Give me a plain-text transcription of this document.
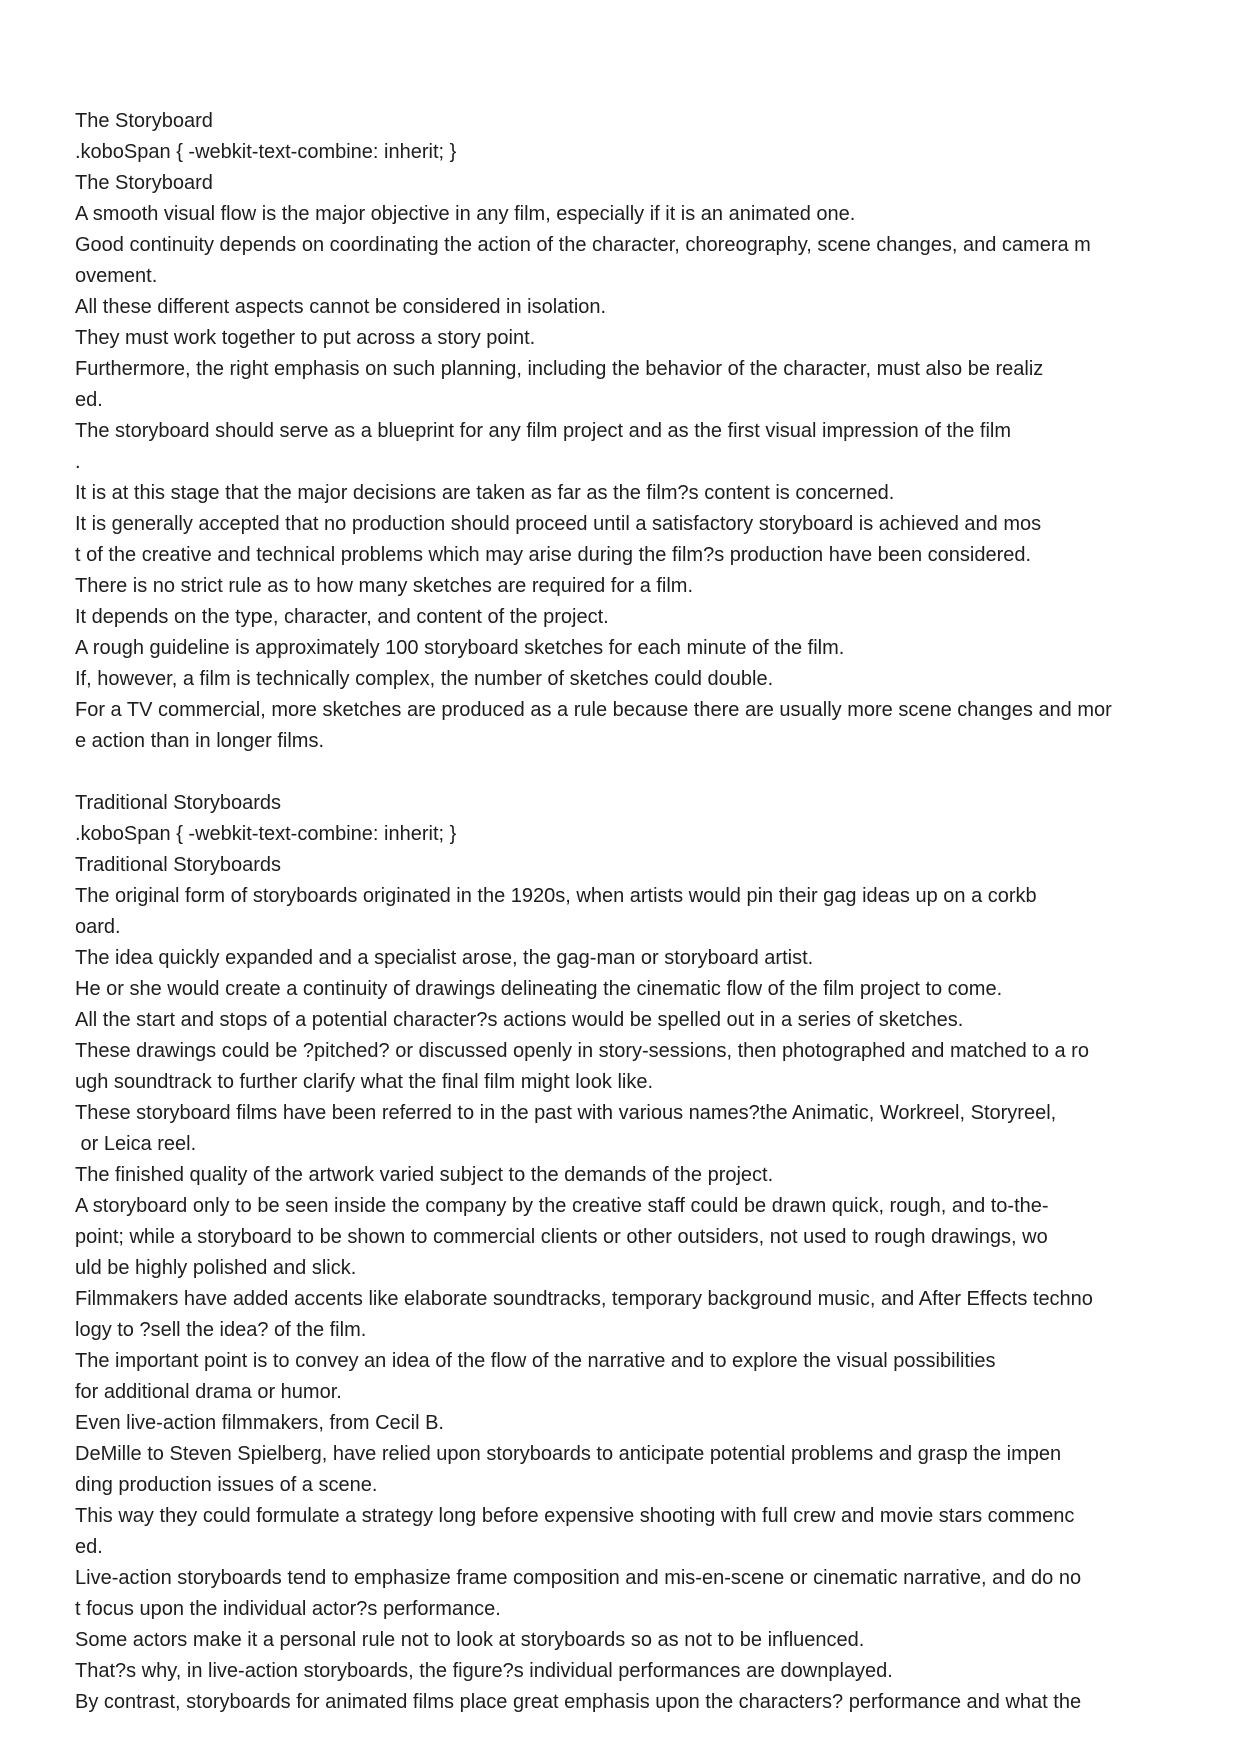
The Storyboard
.koboSpan { -webkit-text-combine: inherit; }
The Storyboard
A smooth visual flow is the major objective in any film, especially if it is an animated one.
Good continuity depends on coordinating the action of the character, choreography, scene changes, and camera m
ovement.
All these different aspects cannot be considered in isolation.
They must work together to put across a story point.
Furthermore, the right emphasis on such planning, including the behavior of the character, must also be realiz
ed.
The storyboard should serve as a blueprint for any film project and as the first visual impression of the film
.
It is at this stage that the major decisions are taken as far as the film?s content is concerned.
It is generally accepted that no production should proceed until a satisfactory storyboard is achieved and mos
t of the creative and technical problems which may arise during the film?s production have been considered.
There is no strict rule as to how many sketches are required for a film.
It depends on the type, character, and content of the project.
A rough guideline is approximately 100 storyboard sketches for each minute of the film.
If, however, a film is technically complex, the number of sketches could double.
For a TV commercial, more sketches are produced as a rule because there are usually more scene changes and mor
e action than in longer films.
Traditional Storyboards
.koboSpan { -webkit-text-combine: inherit; }
Traditional Storyboards
The original form of storyboards originated in the 1920s, when artists would pin their gag ideas up on a corkb
oard.
The idea quickly expanded and a specialist arose, the gag-man or storyboard artist.
He or she would create a continuity of drawings delineating the cinematic flow of the film project to come.
All the start and stops of a potential character?s actions would be spelled out in a series of sketches.
These drawings could be ?pitched? or discussed openly in story-sessions, then photographed and matched to a ro
ugh soundtrack to further clarify what the final film might look like.
These storyboard films have been referred to in the past with various names?the Animatic, Workreel, Storyreel,
or Leica reel.
The finished quality of the artwork varied subject to the demands of the project.
A storyboard only to be seen inside the company by the creative staff could be drawn quick, rough, and to-the-
point; while a storyboard to be shown to commercial clients or other outsiders, not used to rough drawings, wo
uld be highly polished and slick.
Filmmakers have added accents like elaborate soundtracks, temporary background music, and After Effects techno
logy to ?sell the idea? of the film.
The important point is to convey an idea of the flow of the narrative and to explore the visual possibilities
for additional drama or humor.
Even live-action filmmakers, from Cecil B.
DeMille to Steven Spielberg, have relied upon storyboards to anticipate potential problems and grasp the impen
ding production issues of a scene.
This way they could formulate a strategy long before expensive shooting with full crew and movie stars commenc
ed.
Live-action storyboards tend to emphasize frame composition and mis-en-scene or cinematic narrative, and do no
t focus upon the individual actor?s performance.
Some actors make it a personal rule not to look at storyboards so as not to be influenced.
That?s why, in live-action storyboards, the figure?s individual performances are downplayed.
By contrast, storyboards for animated films place great emphasis upon the characters? performance and what the
